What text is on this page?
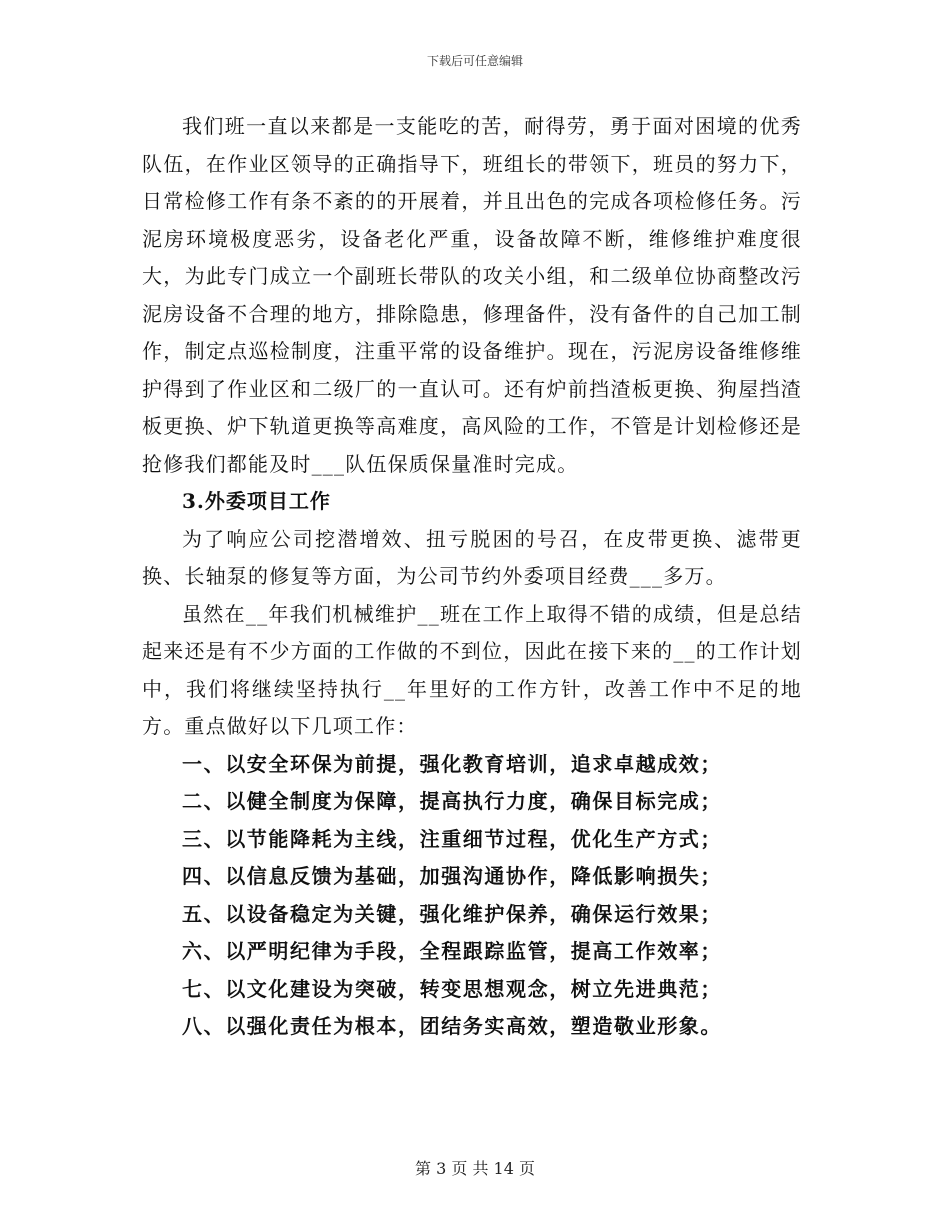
下载后可任意编辑

我们班一直以来都是一支能吃的苦，耐得劳，勇于面对困境的优秀队伍，在作业区领导的正确指导下，班组长的带领下，班员的努力下，日常检修工作有条不紊的的开展着，并且出色的完成各项检修任务。污泥房环境极度恶劣，设备老化严重，设备故障不断，维修维护难度很大，为此专门成立一个副班长带队的攻关小组，和二级单位协商整改污泥房设备不合理的地方，排除隐患，修理备件，没有备件的自己加工制作，制定点巡检制度，注重平常的设备维护。现在，污泥房设备维修维护得到了作业区和二级厂的一直认可。还有炉前挡渣板更换、狗屋挡渣板更换、炉下轨道更换等高难度，高风险的工作，不管是计划检修还是抢修我们都能及时___队伍保质保量准时完成。

3.外委项目工作

为了响应公司挖潜增效、扭亏脱困的号召，在皮带更换、滤带更换、长轴泵的修复等方面，为公司节约外委项目经费___多万。

虽然在__年我们机械维护__班在工作上取得不错的成绩，但是总结起来还是有不少方面的工作做的不到位，因此在接下来的__的工作计划中，我们将继续坚持执行__年里好的工作方针，改善工作中不足的地方。重点做好以下几项工作：

一、以安全环保为前提，强化教育培训，追求卓越成效；
二、以健全制度为保障，提高执行力度，确保目标完成；
三、以节能降耗为主线，注重细节过程，优化生产方式；
四、以信息反馈为基础，加强沟通协作，降低影响损失；
五、以设备稳定为关键，强化维护保养，确保运行效果；
六、以严明纪律为手段，全程跟踪监管，提高工作效率；
七、以文化建设为突破，转变思想观念，树立先进典范；
八、以强化责任为根本，团结务实高效，塑造敬业形象。
第 3 页 共 14 页
